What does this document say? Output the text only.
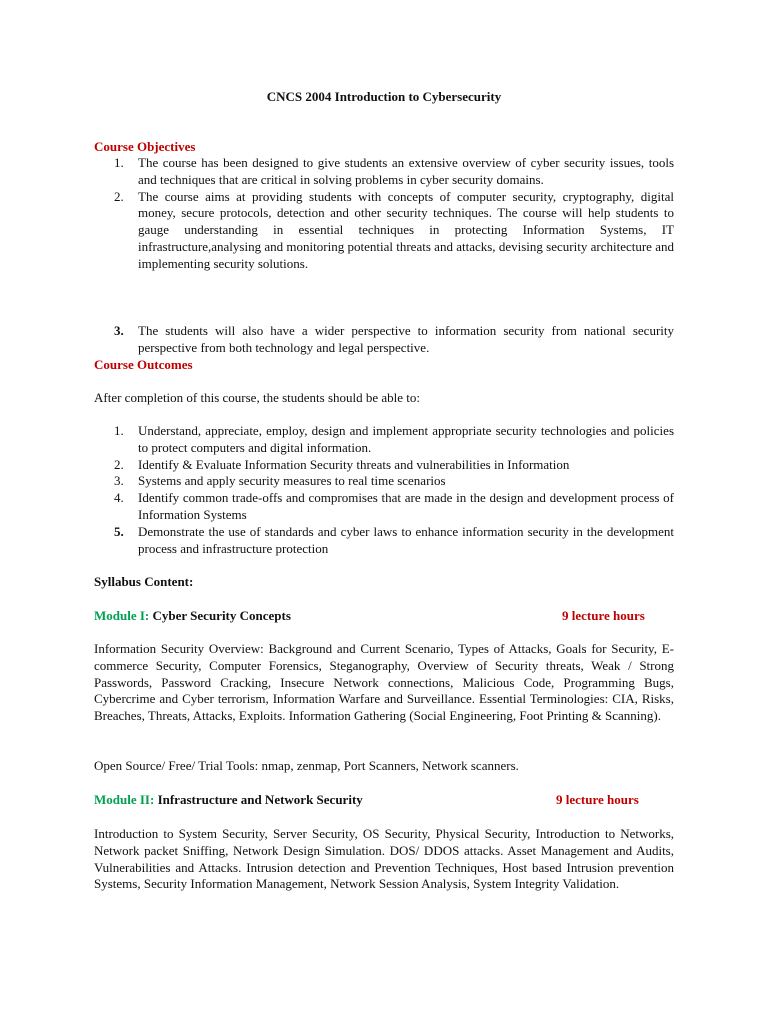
CNCS 2004 Introduction to Cybersecurity
Course Objectives
1. The course has been designed to give students an extensive overview of cyber security issues, tools and techniques that are critical in solving problems in cyber security domains.
2. The course aims at providing students with concepts of computer security, cryptography, digital money, secure protocols, detection and other security techniques. The course will help students to gauge understanding in essential techniques in protecting Information Systems, IT infrastructure,analysing and monitoring potential threats and attacks, devising security architecture and implementing security solutions.
3. The students will also have a wider perspective to information security from national security perspective from both technology and legal perspective.
Course Outcomes
After completion of this course, the students should be able to:
1. Understand, appreciate, employ, design and implement appropriate security technologies and policies to protect computers and digital information.
2. Identify & Evaluate Information Security threats and vulnerabilities in Information
3. Systems and apply security measures to real time scenarios
4. Identify common trade-offs and compromises that are made in the design and development process of Information Systems
5. Demonstrate the use of standards and cyber laws to enhance information security in the development process and infrastructure protection
Syllabus Content:
Module I: Cyber Security Concepts	9 lecture hours
Information Security Overview: Background and Current Scenario, Types of Attacks, Goals for Security, E-commerce Security, Computer Forensics, Steganography, Overview of Security threats, Weak / Strong Passwords, Password Cracking, Insecure Network connections, Malicious Code, Programming Bugs, Cybercrime and Cyber terrorism, Information Warfare and Surveillance. Essential Terminologies: CIA, Risks, Breaches, Threats, Attacks, Exploits. Information Gathering (Social Engineering, Foot Printing & Scanning).
Open Source/ Free/ Trial Tools: nmap, zenmap, Port Scanners, Network scanners.
Module II: Infrastructure and Network Security	9 lecture hours
Introduction to System Security, Server Security, OS Security, Physical Security, Introduction to Networks, Network packet Sniffing, Network Design Simulation. DOS/ DDOS attacks. Asset Management and Audits, Vulnerabilities and Attacks. Intrusion detection and Prevention Techniques, Host based Intrusion prevention Systems, Security Information Management, Network Session Analysis, System Integrity Validation.
